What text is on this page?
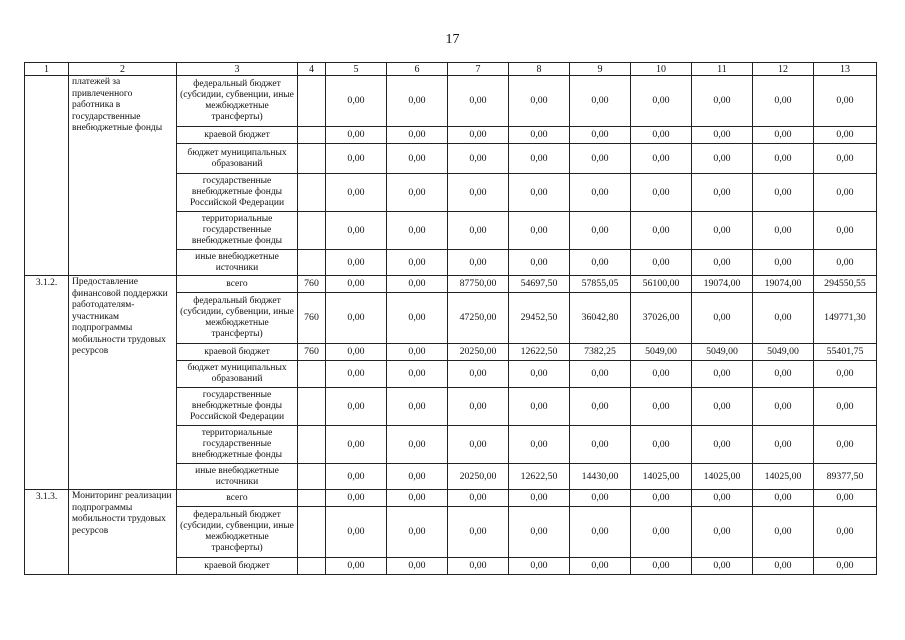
17
1	2	3	4	5	6	7	8	9	10	11	12	13
	платежей за привлеченного работника в государственные внебюджетные фонды	федеральный бюджет (субсидии, субвенции, иные межбюджетные трансферты)		0,00	0,00	0,00	0,00	0,00	0,00	0,00	0,00	0,00
		краевой бюджет		0,00	0,00	0,00	0,00	0,00	0,00	0,00	0,00	0,00
		бюджет муниципальных образований		0,00	0,00	0,00	0,00	0,00	0,00	0,00	0,00	0,00
		государственные внебюджетные фонды Российской Федерации		0,00	0,00	0,00	0,00	0,00	0,00	0,00	0,00	0,00
		территориальные государственные внебюджетные фонды		0,00	0,00	0,00	0,00	0,00	0,00	0,00	0,00	0,00
		иные внебюджетные источники		0,00	0,00	0,00	0,00	0,00	0,00	0,00	0,00	0,00
3.1.2.	Предоставление финансовой поддержки работодателям-участникам подпрограммы мобильности трудовых ресурсов	всего	760	0,00	0,00	87750,00	54697,50	57855,05	56100,00	19074,00	19074,00	294550,55
		федеральный бюджет (субсидии, субвенции, иные межбюджетные трансферты)	760	0,00	0,00	47250,00	29452,50	36042,80	37026,00	0,00	0,00	149771,30
		краевой бюджет	760	0,00	0,00	20250,00	12622,50	7382,25	5049,00	5049,00	5049,00	55401,75
		бюджет муниципальных образований		0,00	0,00	0,00	0,00	0,00	0,00	0,00	0,00	0,00
		государственные внебюджетные фонды Российской Федерации		0,00	0,00	0,00	0,00	0,00	0,00	0,00	0,00	0,00
		территориальные государственные внебюджетные фонды		0,00	0,00	0,00	0,00	0,00	0,00	0,00	0,00	0,00
		иные внебюджетные источники		0,00	0,00	20250,00	12622,50	14430,00	14025,00	14025,00	14025,00	89377,50
3.1.3.	Мониторинг реализации подпрограммы мобильности трудовых ресурсов	всего		0,00	0,00	0,00	0,00	0,00	0,00	0,00	0,00	0,00
		федеральный бюджет (субсидии, субвенции, иные межбюджетные трансферты)		0,00	0,00	0,00	0,00	0,00	0,00	0,00	0,00	0,00
		краевой бюджет		0,00	0,00	0,00	0,00	0,00	0,00	0,00	0,00	0,00
